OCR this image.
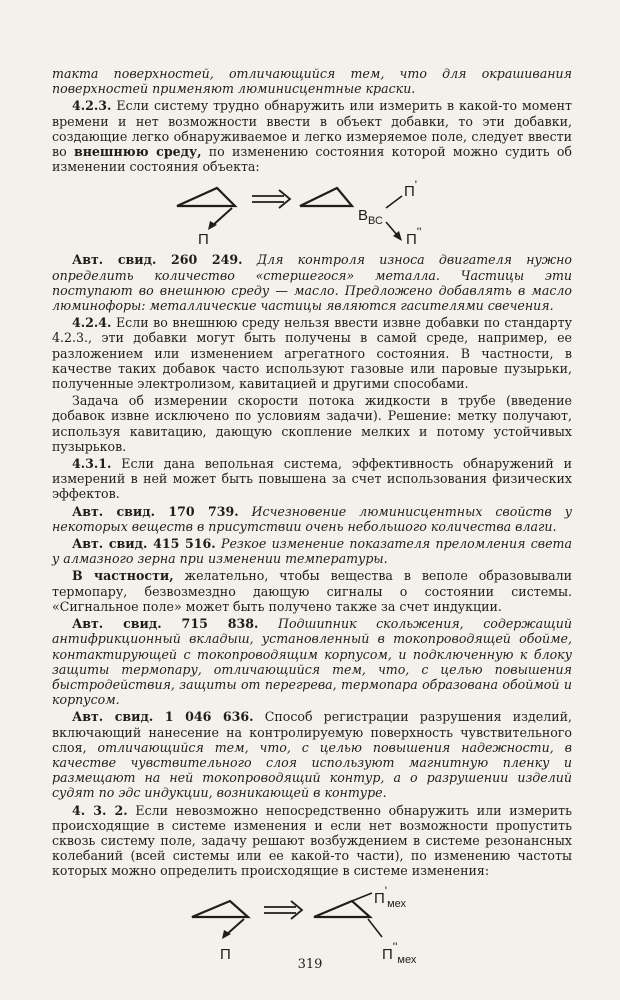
такта поверхностей, отличающийся тем, что для окрашивания поверхностей применяют люминисцентные краски.

4.2.3. Если систему трудно обнаружить или измерить в какой-то момент времени и нет возможности ввести в объект добавки, то эти добавки, создающие легко обнаруживаемое и легко измеряемое поле, следует ввести во внешнюю среду, по изменению состояния которой можно судить об изменении состояния объекта:

П
$В_{ВС}$
П'
П''

Авт. свид. 260 249. Для контроля износа двигателя нужно определить количество «стершегося» металла. Частицы эти поступают во внешнюю среду — масло. Предложено добавлять в масло люминофоры: металлические частицы являются гасителями свечения.

4.2.4. Если во внешнюю среду нельзя ввести извне добавки по стандарту 4.2.3., эти добавки могут быть получены в самой среде, например, ее разложением или изменением агрегатного состояния. В частности, в качестве таких добавок часто используют газовые или паровые пузырьки, полученные электролизом, кавитацией и другими способами.

Задача об измерении скорости потока жидкости в трубе (введение добавок извне исключено по условиям задачи). Решение: метку получают, используя кавитацию, дающую скопление мелких и потому устойчивых пузырьков.

4.3.1. Если дана вепольная система, эффективность обнаружений и измерений в ней может быть повышена за счет использования физических эффектов.

Авт. свид. 170 739. Исчезновение люминисцентных свойств у некоторых веществ в присутствии очень небольшого количества влаги.

Авт. свид. 415 516. Резкое изменение показателя преломления света у алмазного зерна при изменении температуры.

В частности, желательно, чтобы вещества в веполе образовывали термопару, безвозмездно дающую сигналы о состоянии системы. «Сигнальное поле» может быть получено также за счет индукции.

Авт. свид. 715 838. Подшипник скольжения, содержащий антифрикционный вкладыш, установленный в токопроводящей обойме, контактирующей с токопроводящим корпусом, и подключенную к блоку защиты термопару, отличающийся тем, что, с целью повышения быстродействия, защиты от перегрева, термопара образована обоймой и корпусом.

Авт. свид. 1 046 636. Способ регистрации разрушения изделий, включающий нанесение на контролируемую поверхность чувствительного слоя, отличающийся тем, что, с целью повышения надежности, в качестве чувствительного слоя используют магнитную пленку и размещают на ней токопроводящий контур, а о разрушении изделий судят по эдс индукции, возникающей в контуре.

4. 3. 2. Если невозможно непосредственно обнаружить или измерить происходящие в системе изменения и если нет возможности пропустить сквозь систему поле, задачу решают возбуждением в системе резонансных колебаний (всей системы или ее какой-то части), по изменению частоты которых можно определить происходящие в системе изменения:

П
$П'_{мех}$
$П''_{мех}$
319
